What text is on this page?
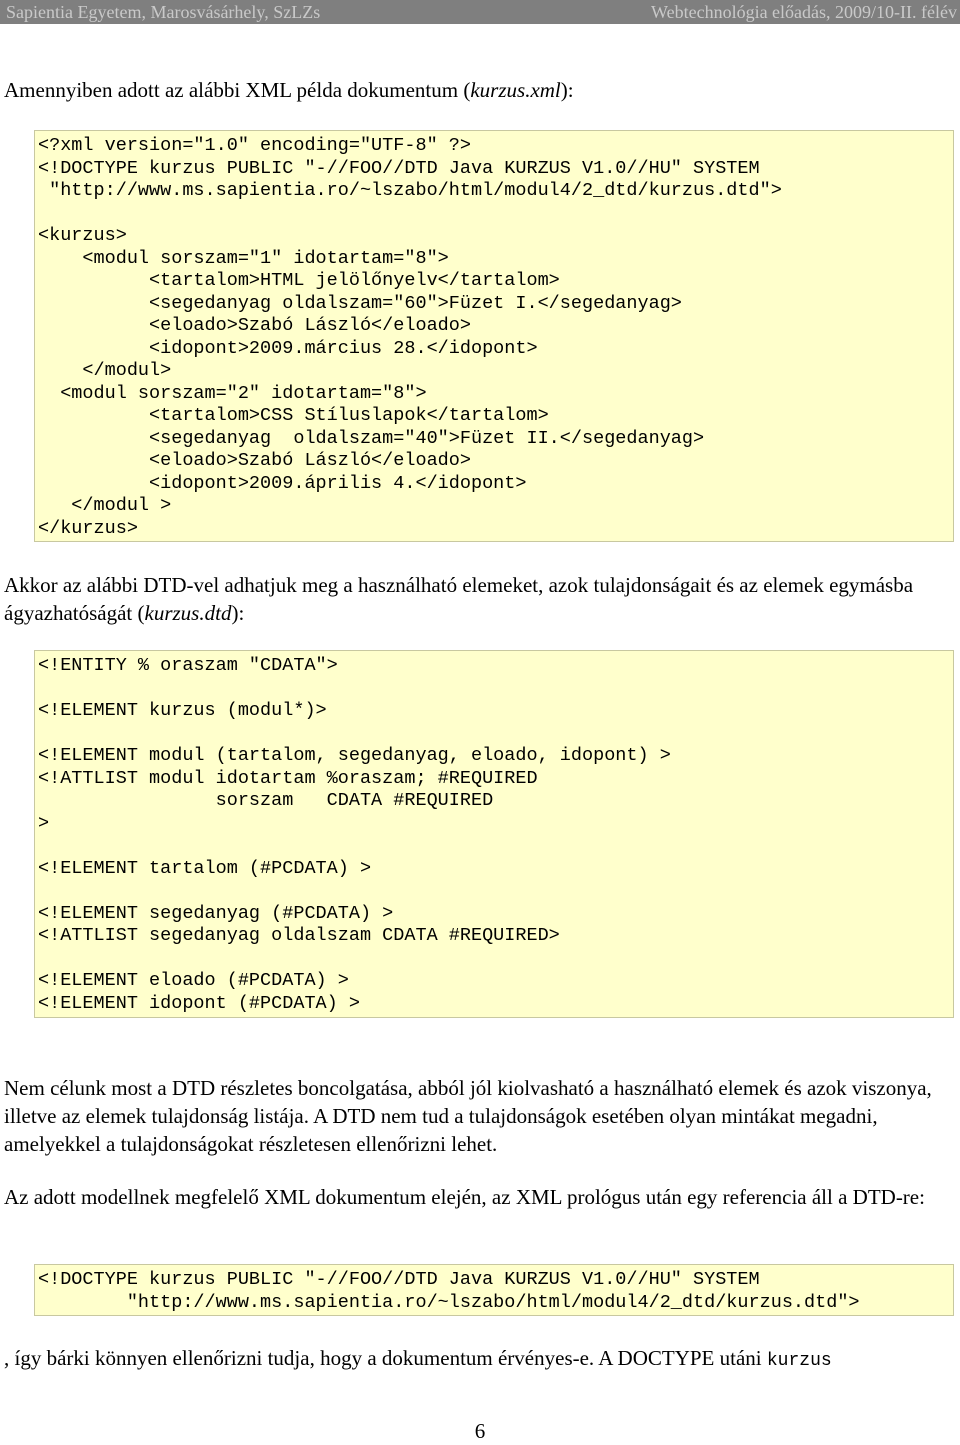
Sapientia Egyetem, Marosvásárhely, SzLZs	Webtechnológia előadás, 2009/10-II. félév

Amennyiben adott az alábbi XML példa dokumentum (kurzus.xml):

<?xml version="1.0" encoding="UTF-8" ?>
<!DOCTYPE kurzus PUBLIC "-//FOO//DTD Java KURZUS V1.0//HU" SYSTEM
"http://www.ms.sapientia.ro/~lszabo/html/modul4/2_dtd/kurzus.dtd">

<kurzus>
<modul sorszam="1" idotartam="8">
<tartalom>HTML jelölőnyelv</tartalom>
<segedanyag oldalszam="60">Füzet I.</segedanyag>
<eloado>Szabó László</eloado>
<idopont>2009.március 28.</idopont>
</modul>
<modul sorszam="2" idotartam="8">
<tartalom>CSS Stíluslapok</tartalom>
<segedanyag  oldalszam="40">Füzet II.</segedanyag>
<eloado>Szabó László</eloado>
<idopont>2009.április 4.</idopont>
</modul >
</kurzus>

Akkor az alábbi DTD-vel adhatjuk meg a használható elemeket, azok tulajdonságait és az elemek egymásba ágyazhatóságát (kurzus.dtd):

<!ENTITY % oraszam "CDATA">

<!ELEMENT kurzus (modul*)>

<!ELEMENT modul (tartalom, segedanyag, eloado, idopont) >
<!ATTLIST modul idotartam %oraszam; #REQUIRED
sorszam   CDATA #REQUIRED
>

<!ELEMENT tartalom (#PCDATA) >

<!ELEMENT segedanyag (#PCDATA) >
<!ATTLIST segedanyag oldalszam CDATA #REQUIRED>

<!ELEMENT eloado (#PCDATA) >
<!ELEMENT idopont (#PCDATA) >

Nem célunk most a DTD részletes boncolgatása, abból jól kiolvasható a használható elemek és azok viszonya, illetve az elemek tulajdonság listája. A DTD nem tud a tulajdonságok esetében olyan mintákat megadni, amelyekkel a tulajdonságokat részletesen ellenőrizni lehet.

Az adott modellnek megfelelő XML dokumentum elején, az XML prológus után egy referencia áll a DTD-re:

<!DOCTYPE kurzus PUBLIC "-//FOO//DTD Java KURZUS V1.0//HU" SYSTEM
"http://www.ms.sapientia.ro/~lszabo/html/modul4/2_dtd/kurzus.dtd">

, így bárki könnyen ellenőrizni tudja, hogy a dokumentum érvényes-e. A DOCTYPE utáni kurzus

6
